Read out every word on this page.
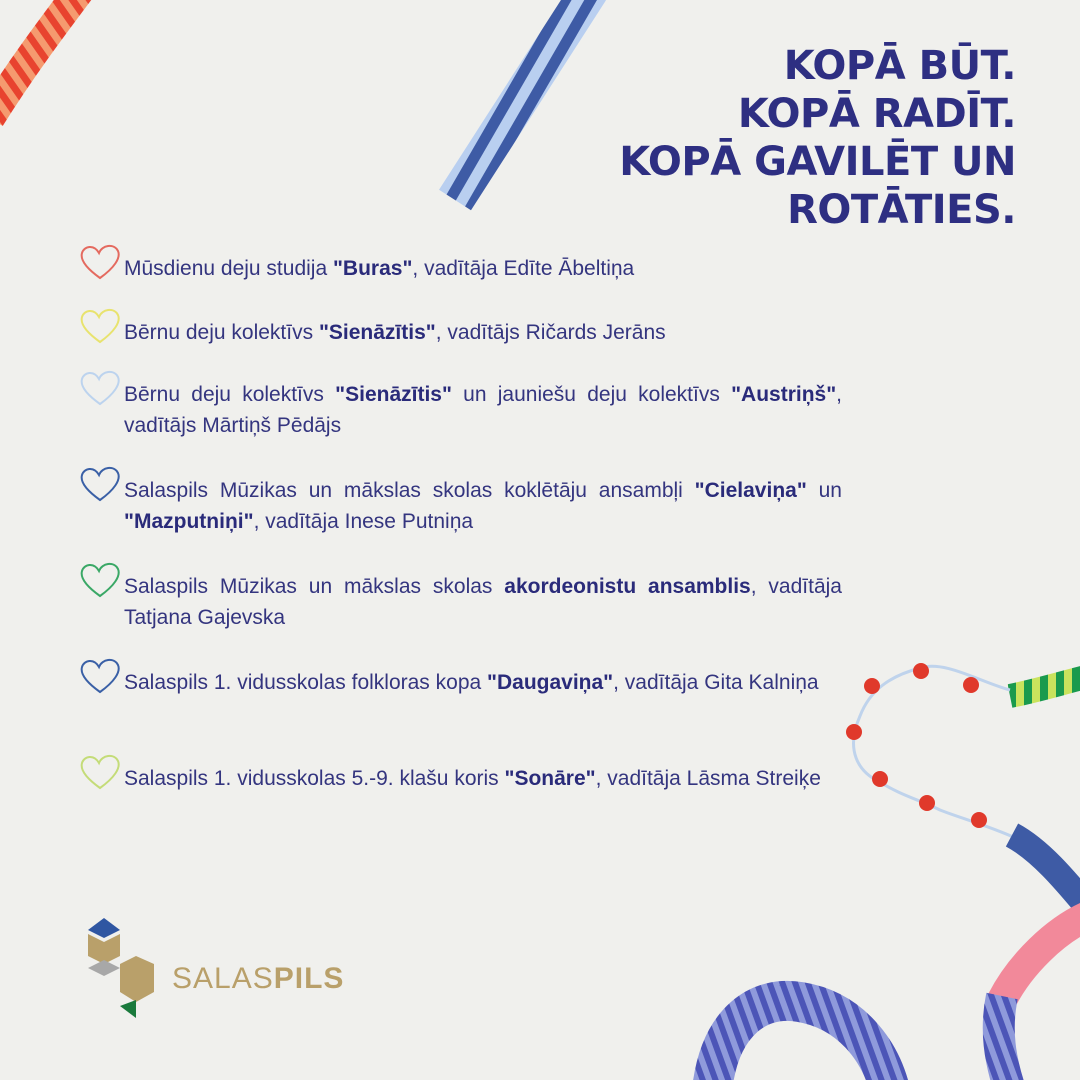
KOPĀ BŪT.
KOPĀ RADĪT.
KOPĀ GAVILĒT UN
ROTĀTIES.

Mūsdienu deju studija "Buras", vadītāja Edīte Ābeltiņa

Bērnu deju kolektīvs "Sienāzītis", vadītājs Ričards Jerāns

Bērnu deju kolektīvs "Sienāzītis" un jauniešu deju kolektīvs "Austriņš", vadītājs Mārtiņš Pēdājs

Salaspils Mūzikas un mākslas skolas koklētāju ansambļi "Cielaviņa" un "Mazputniņi", vadītāja Inese Putniņa

Salaspils Mūzikas un mākslas skolas akordeonistu ansamblis, vadītāja Tatjana Gajevska

Salaspils 1. vidusskolas folkloras kopa "Daugaviņa", vadītāja Gita Kalniņa

Salaspils 1. vidusskolas 5.-9. klašu koris "Sonāre", vadītāja Lāsma Streiķe

SALASPILS
